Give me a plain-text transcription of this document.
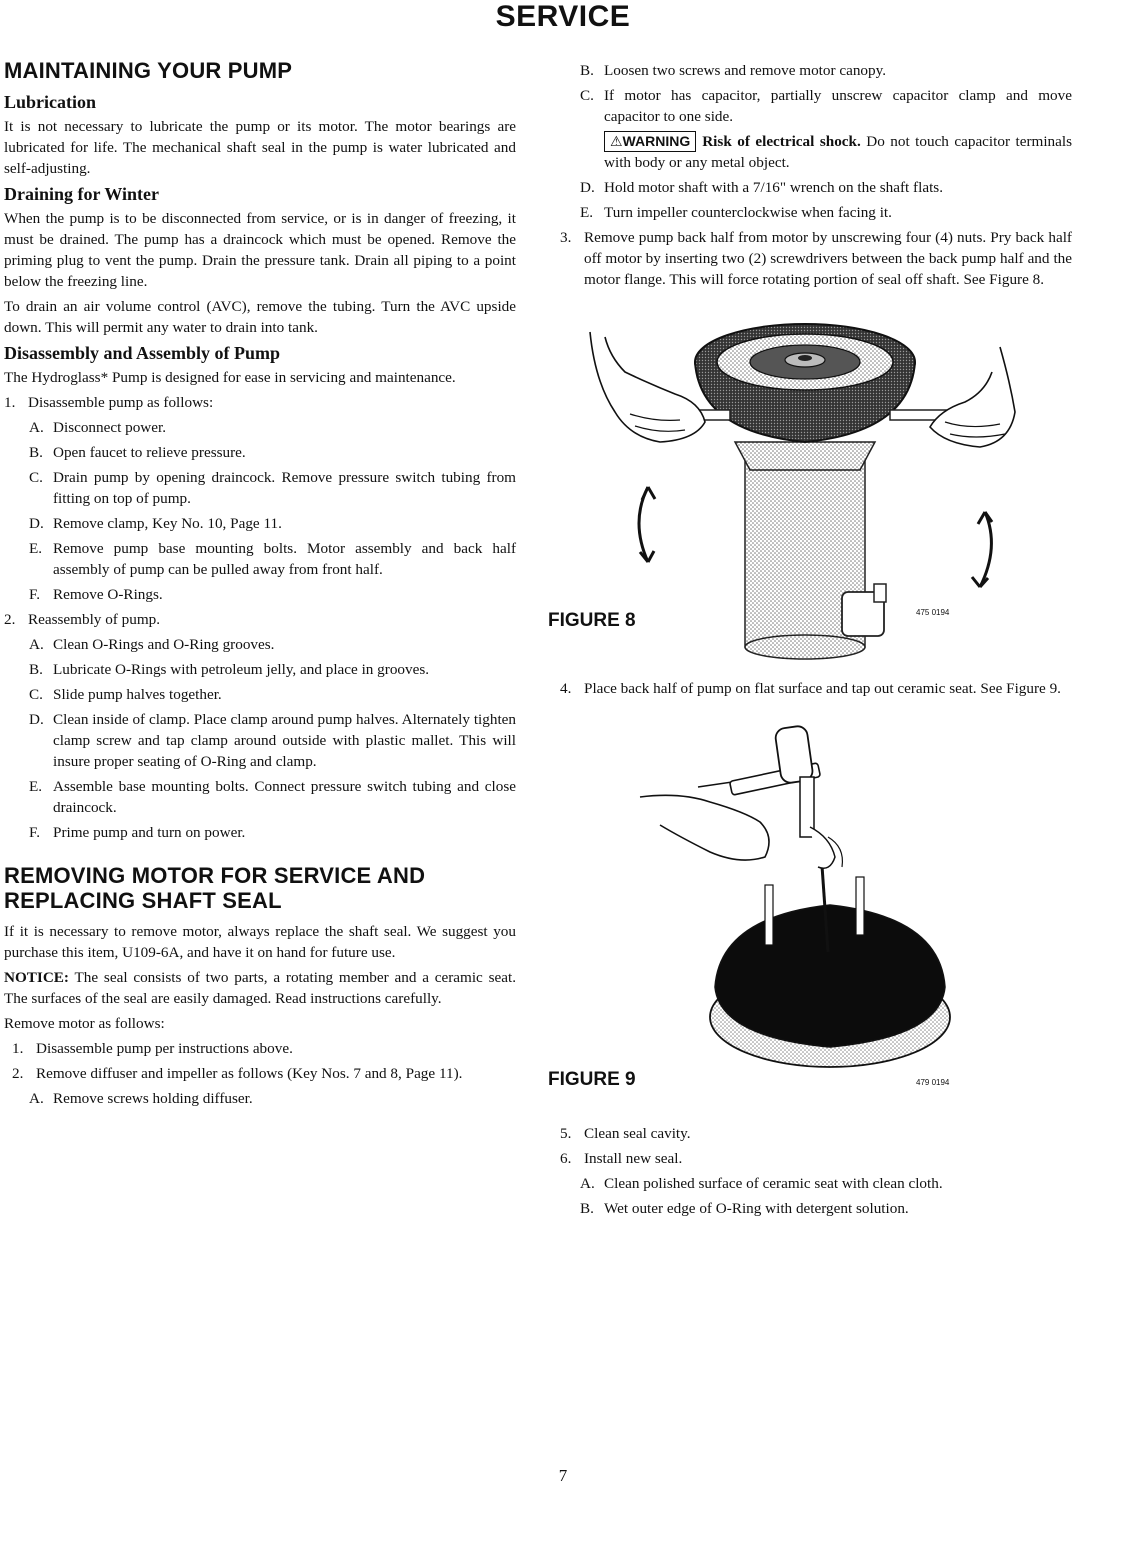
SERVICE
MAINTAINING YOUR PUMP
Lubrication

It is not necessary to lubricate the pump or its motor. The motor bearings are lubricated for life. The mechanical shaft seal in the pump is water lubricated and self-adjusting.

Draining for Winter

When the pump is to be disconnected from service, or is in danger of freezing, it must be drained. The pump has a draincock which must be opened. Remove the priming plug to vent the pump. Drain the pressure tank. Drain all piping to a point below the freezing line.

To drain an air volume control (AVC), remove the tubing. Turn the AVC upside down. This will permit any water to drain into tank.

Disassembly and Assembly of Pump

The Hydroglass* Pump is designed for ease in servicing and maintenance.

1. Disassemble pump as follows:
A. Disconnect power.
B. Open faucet to relieve pressure.
C. Drain pump by opening draincock. Remove pressure switch tubing from fitting on top of pump.
D. Remove clamp, Key No. 10, Page 11.
E. Remove pump base mounting bolts. Motor assembly and back half assembly of pump can be pulled away from front half.
F. Remove O-Rings.
2. Reassembly of pump.
A. Clean O-Rings and O-Ring grooves.
B. Lubricate O-Rings with petroleum jelly, and place in grooves.
C. Slide pump halves together.
D. Clean inside of clamp. Place clamp around pump halves. Alternately tighten clamp screw and tap clamp around outside with plastic mallet. This will insure proper seating of O-Ring and clamp.
E. Assemble base mounting bolts. Connect pressure switch tubing and close draincock.
F. Prime pump and turn on power.
REMOVING MOTOR FOR SERVICE AND REPLACING SHAFT SEAL

If it is necessary to remove motor, always replace the shaft seal. We suggest you purchase this item, U109-6A, and have it on hand for future use.

NOTICE: The seal consists of two parts, a rotating member and a ceramic seat. The surfaces of the seal are easily damaged. Read instructions carefully.

Remove motor as follows:

1. Disassemble pump per instructions above.
2. Remove diffuser and impeller as follows (Key Nos. 7 and 8, Page 11).
A. Remove screws holding diffuser.
B. Loosen two screws and remove motor canopy.
C. If motor has capacitor, partially unscrew capacitor clamp and move capacitor to one side.
⚠WARNING Risk of electrical shock. Do not touch capacitor terminals with body or any metal object.
D. Hold motor shaft with a 7/16" wrench on the shaft flats.
E. Turn impeller counterclockwise when facing it.
3. Remove pump back half from motor by unscrewing four (4) nuts. Pry back half off motor by inserting two (2) screwdrivers between the back pump half and the motor flange. This will force rotating portion of seal off shaft. See Figure 8.
FIGURE 8	475 0194
4. Place back half of pump on flat surface and tap out ceramic seat. See Figure 9.
FIGURE 9	479 0194
5. Clean seal cavity.
6. Install new seal.
A. Clean polished surface of ceramic seat with clean cloth.
B. Wet outer edge of O-Ring with detergent solution.
7
